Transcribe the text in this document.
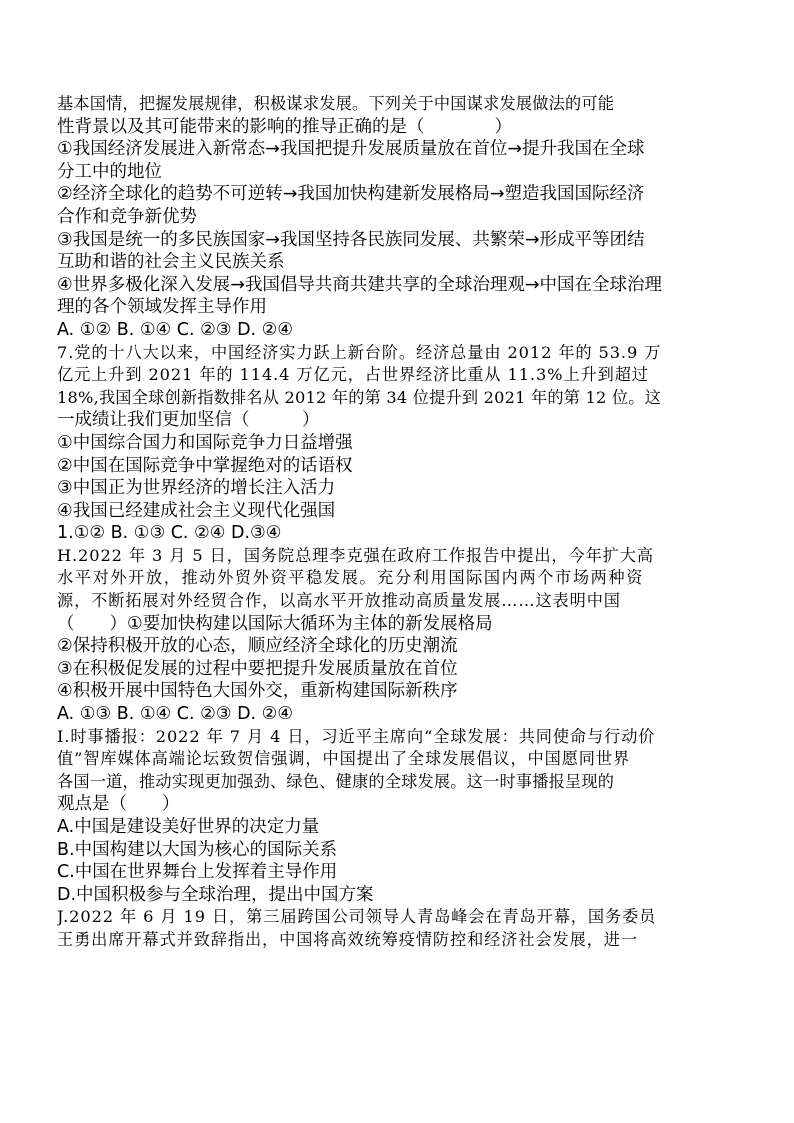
基本国情，把握发展规律，积极谋求发展。下列关于中国谋求发展做法的可能
性背景以及其可能带来的影响的推导正确的是（　　　　）
①我国经济发展进入新常态→我国把提升发展质量放在首位→提升我国在全球
分工中的地位
②经济全球化的趋势不可逆转→我国加快构建新发展格局→塑造我国国际经济
合作和竞争新优势
③我国是统一的多民族国家→我国坚持各民族同发展、共繁荣→形成平等团结
互助和谐的社会主义民族关系
④世界多极化深入发展→我国倡导共商共建共享的全球治理观→中国在全球治理
理的各个领域发挥主导作用
A. ①② B. ①④ C. ②③ D. ②④
7.党的十八大以来，中国经济实力跃上新台阶。经济总量由 2012 年的 53.9 万
亿元上升到 2021 年的 114.4 万亿元，占世界经济比重从 11.3%上升到超过
18%,我国全球创新指数排名从 2012 年的第 34 位提升到 2021 年的第 12 位。这
一成绩让我们更加坚信（　　　）
①中国综合国力和国际竞争力日益增强
②中国在国际竞争中掌握绝对的话语权
③中国正为世界经济的增长注入活力
④我国已经建成社会主义现代化强国
1.①② B. ①③ C. ②④ D.③④
H.2022 年 3 月 5 日，国务院总理李克强在政府工作报告中提出，今年扩大高
水平对外开放，推动外贸外资平稳发展。充分利用国际国内两个市场两种资
源，不断拓展对外经贸合作，以高水平开放推动高质量发展……这表明中国
（　　）①要加快构建以国际大循环为主体的新发展格局
②保持积极开放的心态，顺应经济全球化的历史潮流
③在积极促发展的过程中要把提升发展质量放在首位
④积极开展中国特色大国外交，重新构建国际新秩序
A. ①③ B. ①④ C. ②③ D. ②④
I.时事播报：2022 年 7 月 4 日，习近平主席向“全球发展：共同使命与行动价
值”智库媒体高端论坛致贺信强调，中国提出了全球发展倡议，中国愿同世界
各国一道，推动实现更加强劲、绿色、健康的全球发展。这一时事播报呈现的
观点是（　　）
A.中国是建设美好世界的决定力量
B.中国构建以大国为核心的国际关系
C.中国在世界舞台上发挥着主导作用
D.中国积极参与全球治理，提出中国方案
J.2022 年 6 月 19 日，第三届跨国公司领导人青岛峰会在青岛开幕，国务委员
王勇出席开幕式并致辞指出，中国将高效统筹疫情防控和经济社会发展，进一
